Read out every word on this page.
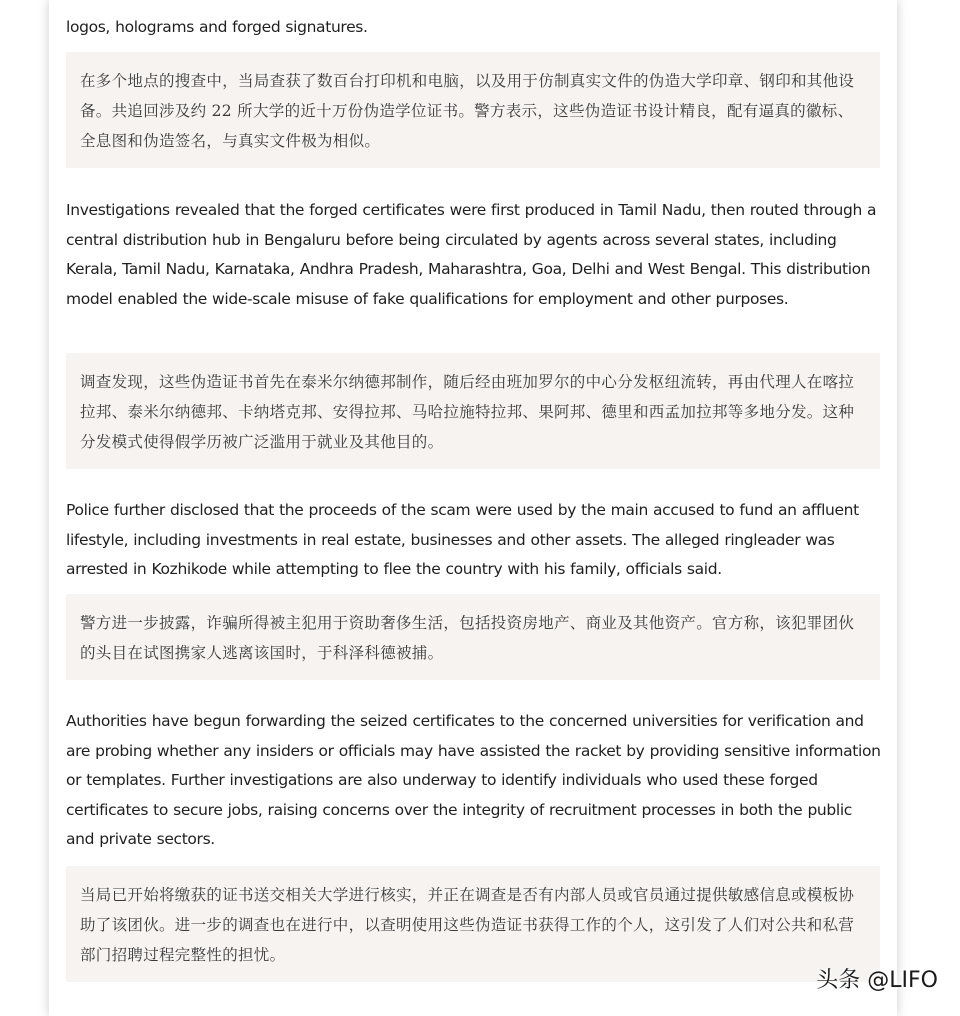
logos, holograms and forged signatures.

在多个地点的搜查中，当局查获了数百台打印机和电脑，以及用于仿制真实文件的伪造大学印章、钢印和其他设备。共追回涉及约 22 所大学的近十万份伪造学位证书。警方表示，这些伪造证书设计精良，配有逼真的徽标、全息图和伪造签名，与真实文件极为相似。

Investigations revealed that the forged certificates were first produced in Tamil Nadu, then routed through a central distribution hub in Bengaluru before being circulated by agents across several states, including Kerala, Tamil Nadu, Karnataka, Andhra Pradesh, Maharashtra, Goa, Delhi and West Bengal. This distribution model enabled the wide-scale misuse of fake qualifications for employment and other purposes.

调查发现，这些伪造证书首先在泰米尔纳德邦制作，随后经由班加罗尔的中心分发枢纽流转，再由代理人在喀拉拉邦、泰米尔纳德邦、卡纳塔克邦、安得拉邦、马哈拉施特拉邦、果阿邦、德里和西孟加拉邦等多地分发。这种分发模式使得假学历被广泛滥用于就业及其他目的。

Police further disclosed that the proceeds of the scam were used by the main accused to fund an affluent lifestyle, including investments in real estate, businesses and other assets. The alleged ringleader was arrested in Kozhikode while attempting to flee the country with his family, officials said.

警方进一步披露，诈骗所得被主犯用于资助奢侈生活，包括投资房地产、商业及其他资产。官方称，该犯罪团伙的头目在试图携家人逃离该国时，于科泽科德被捕。

Authorities have begun forwarding the seized certificates to the concerned universities for verification and are probing whether any insiders or officials may have assisted the racket by providing sensitive information or templates. Further investigations are also underway to identify individuals who used these forged certificates to secure jobs, raising concerns over the integrity of recruitment processes in both the public and private sectors.

当局已开始将缴获的证书送交相关大学进行核实，并正在调查是否有内部人员或官员通过提供敏感信息或模板协助了该团伙。进一步的调查也在进行中，以查明使用这些伪造证书获得工作的个人，这引发了人们对公共和私营部门招聘过程完整性的担忧。
头条 @LIFO
